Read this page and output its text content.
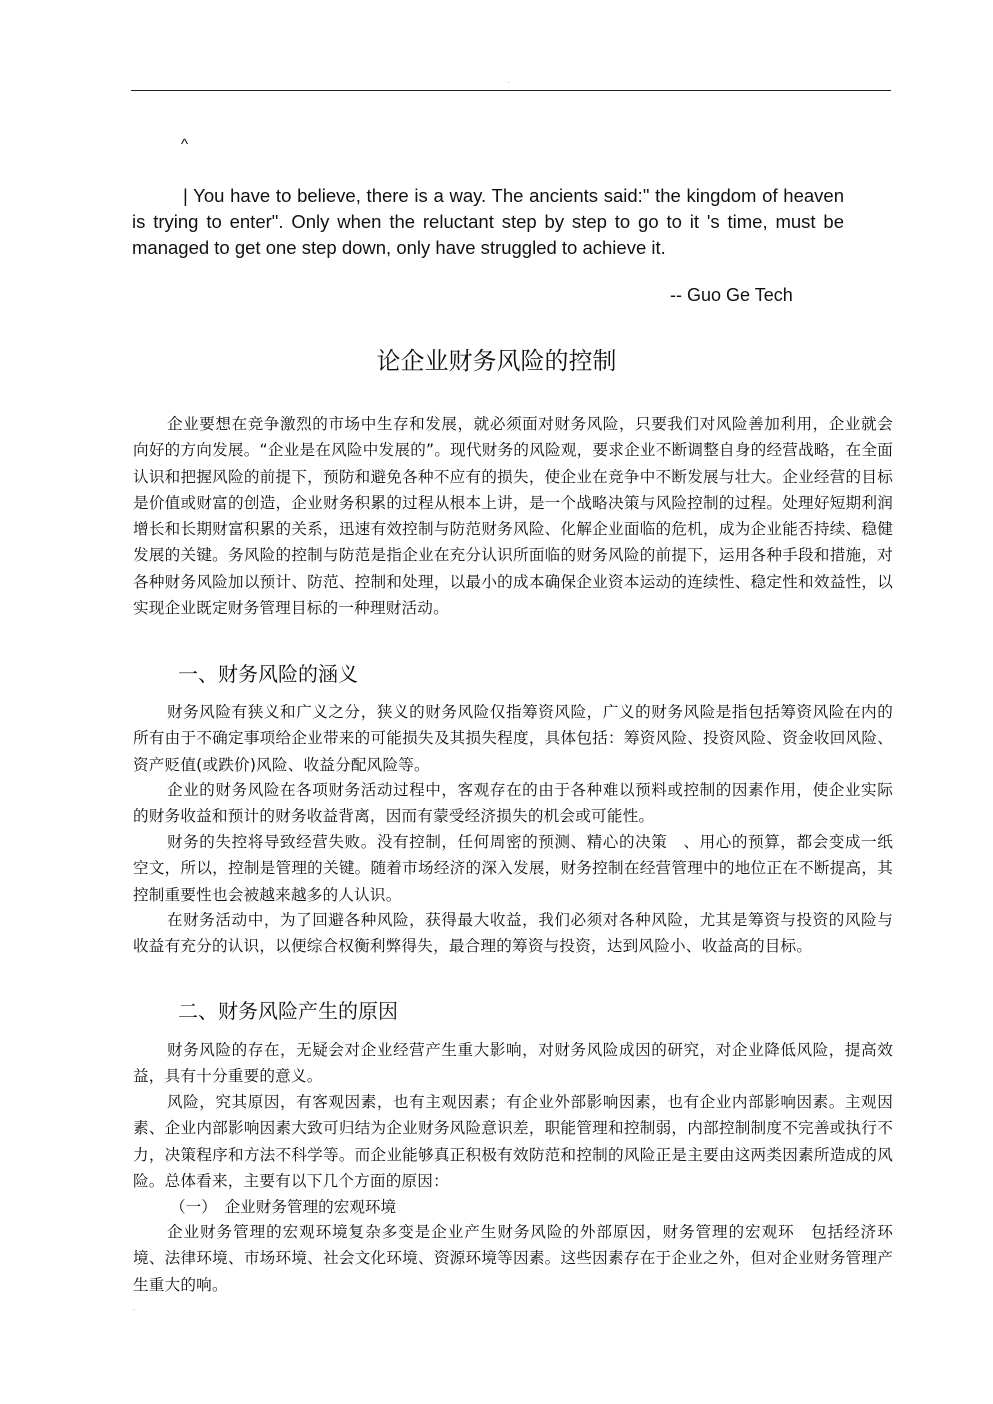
.
^

| You have to believe, there is a way. The ancients said:" the kingdom of heaven is trying to enter". Only when the reluctant step by step to go to it 's time, must be managed to get one step down, only have struggled to achieve it.

-- Guo Ge Tech
论企业财务风险的控制

企业要想在竞争激烈的市场中生存和发展，就必须面对财务风险，只要我们对风险善加利用，企业就会向好的方向发展。“企业是在风险中发展的”。现代财务的风险观，要求企业不断调整自身的经营战略，在全面认识和把握风险的前提下，预防和避免各种不应有的损失，使企业在竞争中不断发展与壮大。企业经营的目标是价值或财富的创造，企业财务积累的过程从根本上讲，是一个战略决策与风险控制的过程。处理好短期利润增长和长期财富积累的关系，迅速有效控制与防范财务风险、化解企业面临的危机，成为企业能否持续、稳健发展的关键。务风险的控制与防范是指企业在充分认识所面临的财务风险的前提下，运用各种手段和措施，对各种财务风险加以预计、防范、控制和处理，以最小的成本确保企业资本运动的连续性、稳定性和效益性，以实现企业既定财务管理目标的一种理财活动。

一、财务风险的涵义

财务风险有狭义和广义之分，狭义的财务风险仅指筹资风险，广义的财务风险是指包括筹资风险在内的所有由于不确定事项给企业带来的可能损失及其损失程度，具体包括：筹资风险、投资风险、资金收回风险、资产贬值(或跌价)风险、收益分配风险等。

企业的财务风险在各项财务活动过程中，客观存在的由于各种难以预料或控制的因素作用，使企业实际的财务收益和预计的财务收益背离，因而有蒙受经济损失的机会或可能性。

财务的失控将导致经营失败。没有控制，任何周密的预测、精心的决策　、用心的预算，都会变成一纸空文，所以，控制是管理的关键。随着市场经济的深入发展，财务控制在经营管理中的地位正在不断提高，其控制重要性也会被越来越多的人认识。

在财务活动中，为了回避各种风险，获得最大收益，我们必须对各种风险，尤其是筹资与投资的风险与收益有充分的认识，以便综合权衡利弊得失，最合理的筹资与投资，达到风险小、收益高的目标。

二、财务风险产生的原因

财务风险的存在，无疑会对企业经营产生重大影响，对财务风险成因的研究，对企业降低风险，提高效益，具有十分重要的意义。

风险，究其原因，有客观因素，也有主观因素；有企业外部影响因素，也有企业内部影响因素。主观因素、企业内部影响因素大致可归结为企业财务风险意识差，职能管理和控制弱，内部控制制度不完善或执行不力，决策程序和方法不科学等。而企业能够真正积极有效防范和控制的风险正是主要由这两类因素所造成的风险。总体看来，主要有以下几个方面的原因：

（一）　企业财务管理的宏观环境

企业财务管理的宏观环境复杂多变是企业产生财务风险的外部原因，财务管理的宏观环　包括经济环境、法律环境、市场环境、社会文化环境、资源环境等因素。这些因素存在于企业之外，但对企业财务管理产生重大的响。

.
